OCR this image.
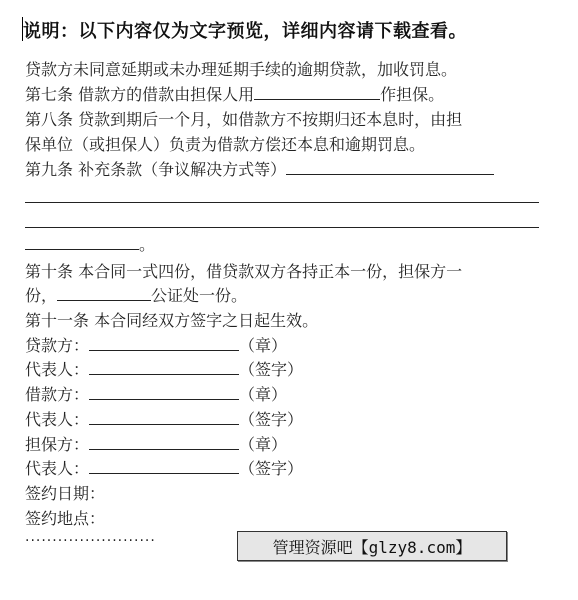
说明：以下内容仅为文字预览，详细内容请下载查看。
贷款方未同意延期或未办理延期手续的逾期贷款，加收罚息。
第七条 借款方的借款由担保人用	作担保。
第八条 贷款到期后一个月，如借款方不按期归还本息时，由担
保单位（或担保人）负责为借款方偿还本息和逾期罚息。
第九条 补充条款（争议解决方式等）
。
第十条 本合同一式四份，借贷款双方各持正本一份，担保方一
份，	公证处一份。
第十一条 本合同经双方签字之日起生效。
贷款方：	（章）
代表人：	（签字）
借款方：	（章）
代表人：	（签字）
担保方：	（章）
代表人：	（签字）
签约日期：
签约地点：
························	管理资源吧【glzy8.com】
